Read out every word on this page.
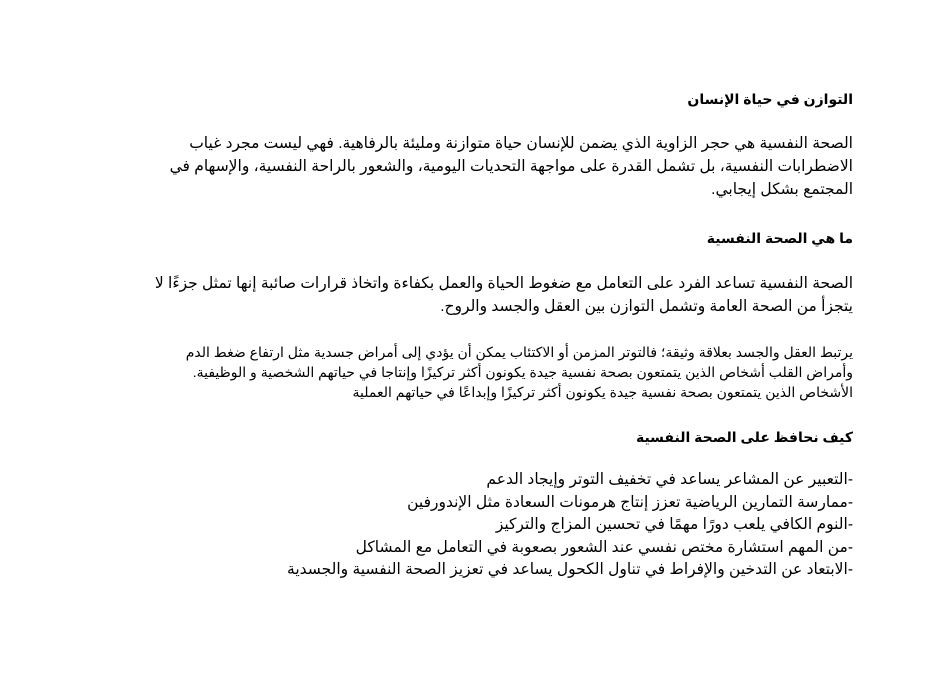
التوازن في حياة الإنسان

الصحة النفسية هي حجر الزاوية الذي يضمن للإنسان حياة متوازنة ومليئة بالرفاهية. فهي ليست مجرد غياب
الاضطرابات النفسية، بل تشمل القدرة على مواجهة التحديات اليومية، والشعور بالراحة النفسية، والإسهام في
المجتمع بشكل إيجابي.

ما هي الصحة النفسية

الصحة النفسية تساعد الفرد على التعامل مع ضغوط الحياة والعمل بكفاءة واتخاذ قرارات صائبة إنها تمثل جزءًا لا
يتجزأ من الصحة العامة وتشمل التوازن بين العقل والجسد والروح.

يرتبط العقل والجسد بعلاقة وثيقة؛ فالتوتر المزمن أو الاكتئاب يمكن أن يؤدي إلى أمراض جسدية مثل ارتفاع ضغط الدم
وأمراض القلب أشخاص الذين يتمتعون بصحة نفسية جيدة يكونون أكثر تركيزًا وإنتاجا في حياتهم الشخصية و الوظيفية.
الأشخاص الذين يتمتعون بصحة نفسية جيدة يكونون أكثر تركيزًا وإبداعًا في حياتهم العملية

كيف نحافظ على الصحة النفسية
-التعبير عن المشاعر يساعد في تخفيف التوتر وإيجاد الدعم
-ممارسة التمارين الرياضية تعزز إنتاج هرمونات السعادة مثل الإندورفين
-النوم الكافي يلعب دورًا مهمًا في تحسين المزاج والتركيز
-من المهم استشارة مختص نفسي عند الشعور بصعوبة في التعامل مع المشاكل
-الابتعاد عن التدخين والإفراط في تناول الكحول يساعد في تعزيز الصحة النفسية والجسدية
